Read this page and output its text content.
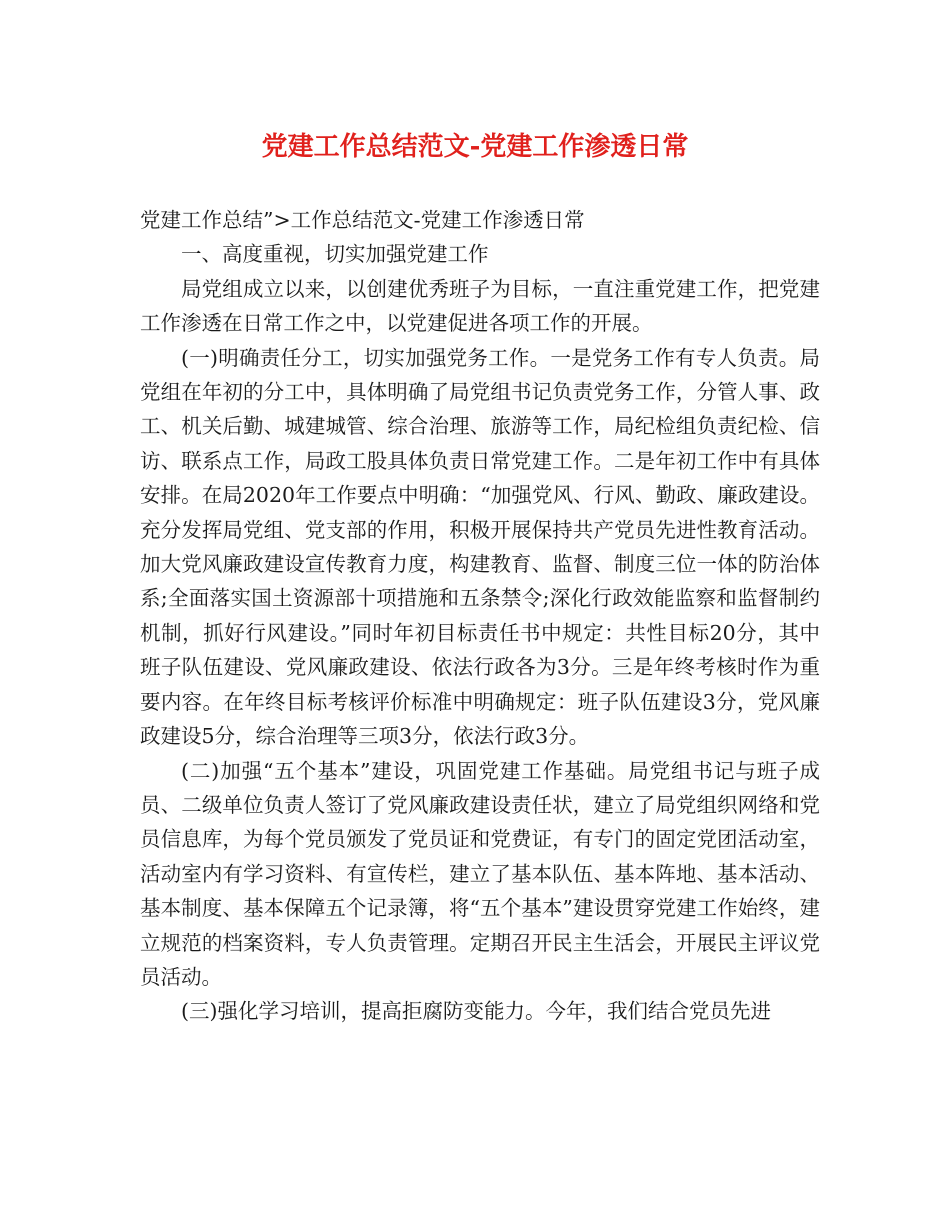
党建工作总结范文-党建工作渗透日常

党建工作总结”>工作总结范文-党建工作渗透日常

一、高度重视，切实加强党建工作

局党组成立以来，以创建优秀班子为目标，一直注重党建工作，把党建工作渗透在日常工作之中，以党建促进各项工作的开展。

(一)明确责任分工，切实加强党务工作。一是党务工作有专人负责。局党组在年初的分工中，具体明确了局党组书记负责党务工作，分管人事、政工、机关后勤、城建城管、综合治理、旅游等工作，局纪检组负责纪检、信访、联系点工作，局政工股具体负责日常党建工作。二是年初工作中有具体安排。在局2020年工作要点中明确：“加强党风、行风、勤政、廉政建设。充分发挥局党组、党支部的作用，积极开展保持共产党员先进性教育活动。加大党风廉政建设宣传教育力度，构建教育、监督、制度三位一体的防治体系;全面落实国土资源部十项措施和五条禁令;深化行政效能监察和监督制约机制，抓好行风建设。”同时年初目标责任书中规定：共性目标20分，其中班子队伍建设、党风廉政建设、依法行政各为3分。三是年终考核时作为重要内容。在年终目标考核评价标准中明确规定：班子队伍建设3分，党风廉政建设5分，综合治理等三项3分，依法行政3分。

(二)加强“五个基本”建设，巩固党建工作基础。局党组书记与班子成员、二级单位负责人签订了党风廉政建设责任状，建立了局党组织网络和党员信息库，为每个党员颁发了党员证和党费证，有专门的固定党团活动室，活动室内有学习资料、有宣传栏，建立了基本队伍、基本阵地、基本活动、基本制度、基本保障五个记录簿，将“五个基本”建设贯穿党建工作始终，建立规范的档案资料，专人负责管理。定期召开民主生活会，开展民主评议党员活动。

(三)强化学习培训，提高拒腐防变能力。今年，我们结合党员先进
